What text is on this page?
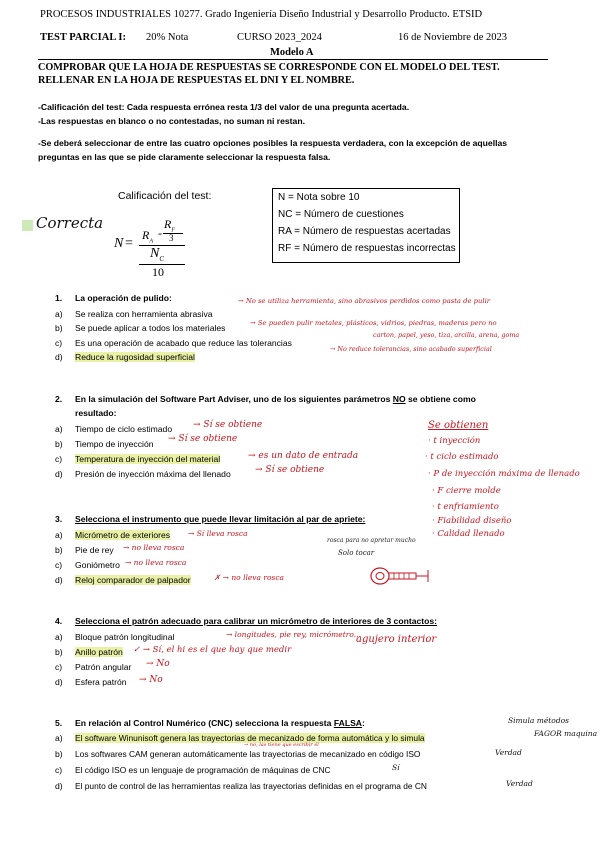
PROCESOS INDUSTRIALES 10277. Grado Ingeniería Diseño Industrial y Desarrollo Producto. ETSID
TEST PARCIAL I: 20% Nota	CURSO 2023_2024	16 de Noviembre de 2023
Modelo A
COMPROBAR QUE LA HOJA DE RESPUESTAS SE CORRESPONDE CON EL MODELO DEL TEST.
RELLENAR EN LA HOJA DE RESPUESTAS EL DNI Y EL NOMBRE.
-Calificación del test: Cada respuesta errónea resta 1/3 del valor de una pregunta acertada.
-Las respuestas en blanco o no contestadas, no suman ni restan.
-Se deberá seleccionar de entre las cuatro opciones posibles la respuesta verdadera, con la excepción de aquellas
preguntas en las que se pide claramente seleccionar la respuesta falsa.
Calificación del test:
Correcta
N =
$R_A$
-
$R_F$
3
$N_C$
10
N = Nota sobre 10
NC = Número de cuestiones
RA = Número de respuestas acertadas
RF = Número de respuestas incorrectas
1. La operación de pulido:
a) Se realiza con herramienta abrasiva
→ No se utiliza herramienta, sino abrasivos perdidos como pasta de pulir
b) Se puede aplicar a todos los materiales	→ Se pueden pulir metales, plásticos, vidrios, piedras, maderas pero no
carton, papel, yeso, tiza, arcilla, arena, goma
c) Es una operación de acabado que reduce las tolerancias
→ No reduce tolerancias, sino acabado superficial
d) Reduce la rugosidad superficial
2. En la simulación del Software Part Adviser, uno de los siguientes parámetros NO se obtiene como
resultado:
a) Tiempo de ciclo estimado → Sí se obtiene
b) Tiempo de inyección → Sí se obtiene
c) Temperatura de inyección del material	→ es un dato de entrada
d) Presión de inyección máxima del llenado	→ Sí se obtiene
Se obtienen
· t inyección
· t ciclo estimado
· P de inyección máxima de llenado
· F cierre molde
· t enfriamiento
· Fiabilidad diseño
· Calidad llenado
3. Selecciona el instrumento que puede llevar limitación al par de apriete:
a) Micrómetro de exteriores → Sí lleva rosca
b) Pie de rey → no lleva rosca
c) Goniómetro → no lleva rosca
d) Reloj comparador de palpador	✗ → no lleva rosca
rosca para no apretar mucho
Solo tocar
4. Selecciona el patrón adecuado para calibrar un micrómetro de interiores de 3 contactos:
a) Bloque patrón longitudinal	→ longitudes, pie rey, micrómetro...
b) Anillo patrón ✓ → Sí, el hi es el que hay que medir
agujero interior
c) Patrón angular → No
d) Esfera patrón → No
5. En relación al Control Numérico (CNC) selecciona la respuesta FALSA:	Simula métodos
FAGOR maquina
a) El software Winunisoft genera las trayectorias de mecanizado de forma automática y lo simula
→ no, las tiene que escribir él
b) Los softwares CAM generan automáticamente las trayectorias de mecanizado en código ISO	Verdad
c) El código ISO es un lenguaje de programación de máquinas de CNC	Sí
d) El punto de control de las herramientas realiza las trayectorias definidas en el programa de CN	Verdad
